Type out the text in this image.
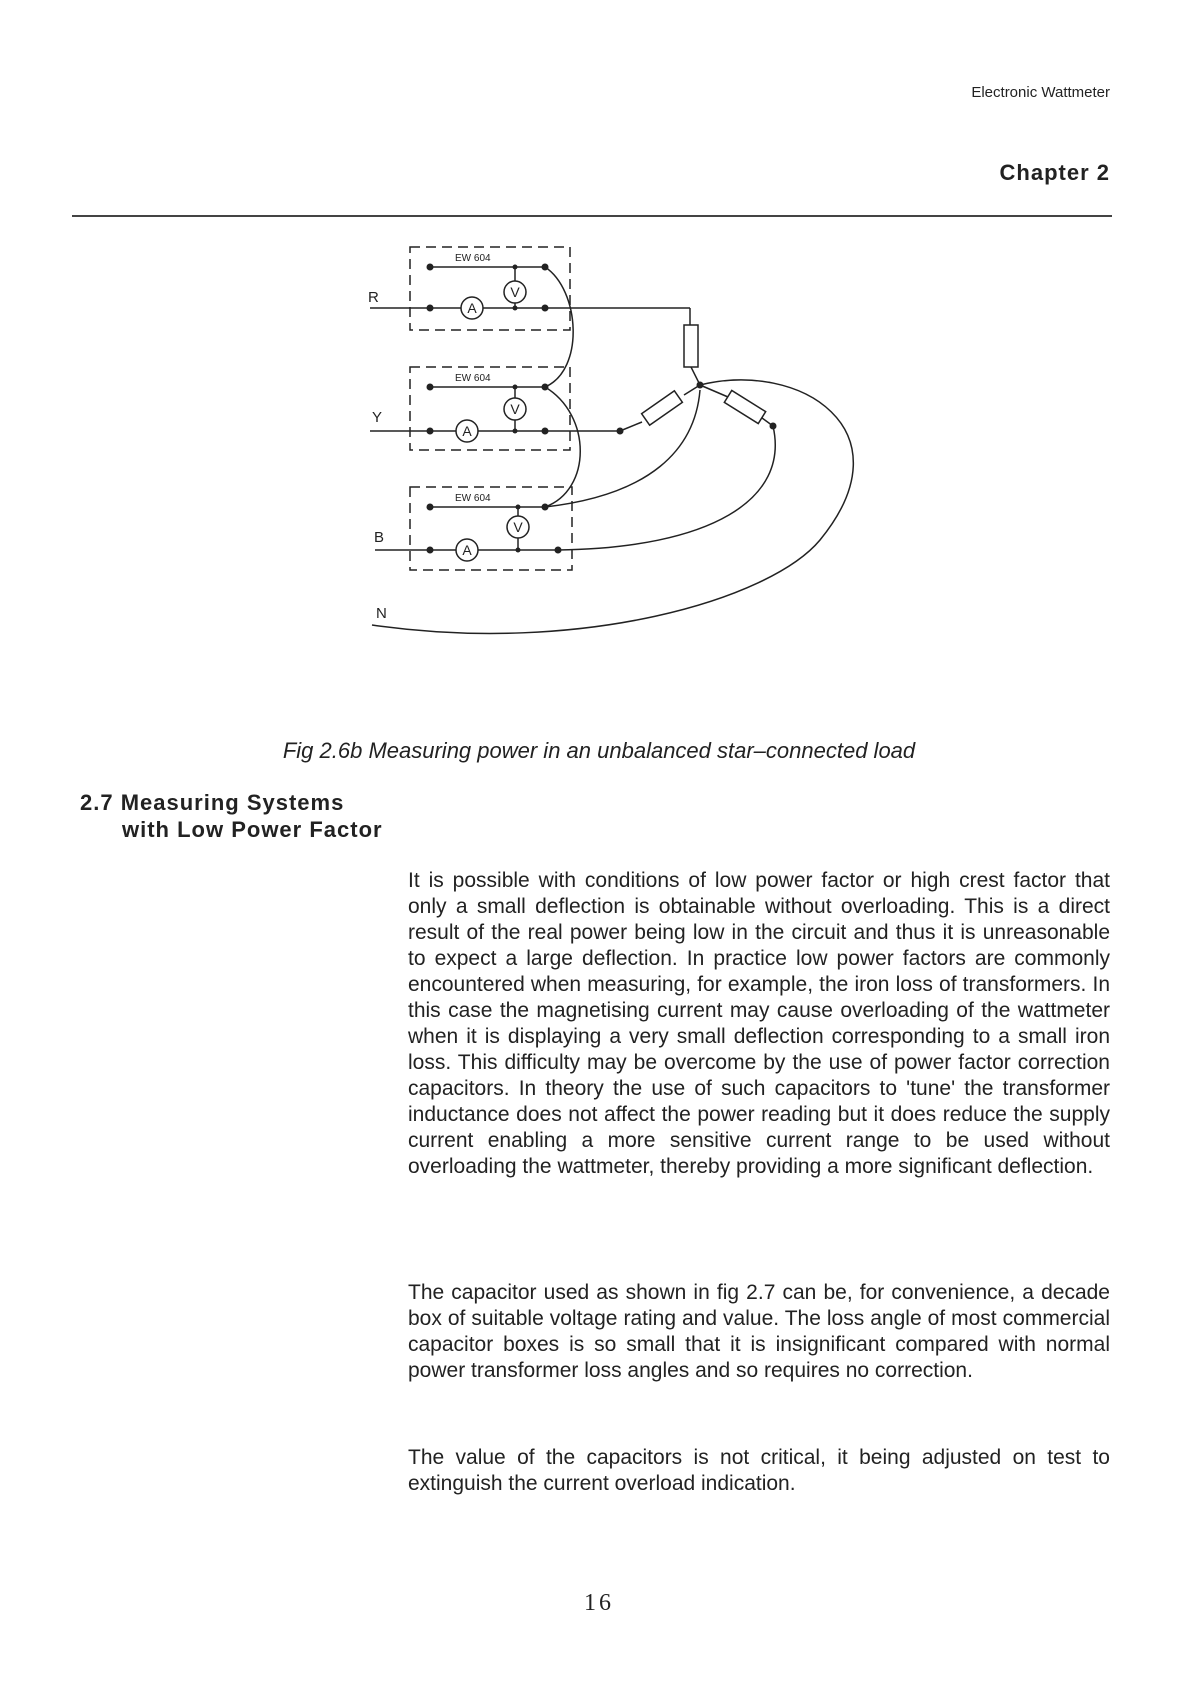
Electronic Wattmeter
Chapter 2
V
A
V
A
V
A
EW 604
EW 604
EW 604
R
Y
B
N
Fig 2.6b Measuring power in an unbalanced star–connected load
2.7 Measuring Systems
with Low Power Factor
It is possible with conditions of low power factor or high crest factor that only a small deflection is obtainable without overloading. This is a direct result of the real power being low in the circuit and thus it is unreasonable to expect a large deflection. In practice low power factors are commonly encountered when measuring, for example, the iron loss of transformers. In this case the magnetising current may cause overloading of the wattmeter when it is displaying a very small deflection corresponding to a small iron loss. This difficulty may be overcome by the use of power factor correction capacitors. In theory the use of such capacitors to 'tune' the transformer inductance does not affect the power reading but it does reduce the supply current enabling a more sensitive current range to be used without overloading the wattmeter, thereby providing a more significant deflection.
The capacitor used as shown in fig 2.7 can be, for convenience, a decade box of suitable voltage rating and value. The loss angle of most commercial capacitor boxes is so small that it is insignificant compared with normal power transformer loss angles and so requires no correction.
The value of the capacitors is not critical, it being adjusted on test to extinguish the current overload indication.
16
